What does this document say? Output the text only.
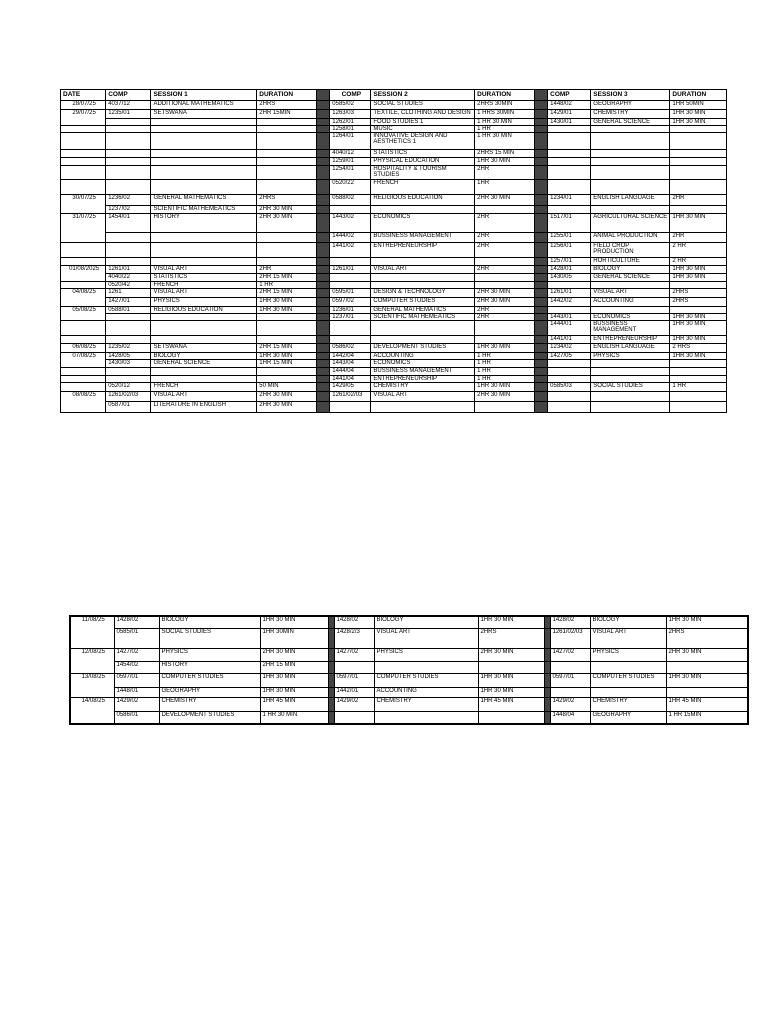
DATE	COMP	SESSION 1	DURATION		COMP	SESSION 2	DURATION		COMP	SESSION 3	DURATION
28/07/25	4037/12	ADDITIONAL MATHEMATICS	2HRS		0585/02	SOCIAL STUDIES	2HRS 30MIN		1448/02	GEOGRAPHY	1HR 50MIN
29/07/25	1235/01	SETSWANA	2HR 15MIN		1263/03	TEXTILE, CLOTHING AND DESIGN	1 HRS 30MIN		1429/01	CHEMISTRY	1HR 30 MIN
					1262/01	FOOD STUDIES 1	1 HR 30 MIN		1430/01	GENERAL SCIENCE	1HR 30 MIN
					1258/01	MUSIC	1 HR				
					1264/01	INNOVATIVE DESIGN AND AESTHETICS 1	1 HR 30 MIN				
					4040/12	STATISTICS	2HRS 15 MIN				
					1259/01	PHYSICAL EDUCATION	1HR 30 MIN				
					1254/01	HOSPITALITY & TOURISM STUDIES	2HR				
					0520/22	FRENCH	1HR				
30/07/25	1236/02	GENERAL MATHEMATICS	2HRS		0588/02	RELIGIOUS EDUCATION	2HR 30 MIN		1234/01	ENGLISH LANGUAGE	2HR
	1237/02	SCIENTIFIC MATHEMEATICS	2HR 30 MIN								
31/07/25	1454/01	HISTORY	2HR 30 MIN		1443/02	ECONOMICS	2HR		1517/01	AGRICULTURAL SCIENCE	1HR 30 MIN
					1444/02	BUSSINESS MANAGEMENT	2HR		1255/01	ANIMAL PRODUCTION	2HR
					1441/02	ENTREPRENEURSHIP	2HR		1256/01	FIELD CROP PRODUCTION	2 HR
									1257/01	HORTICULTURE	2 HR
01/08/2025	1261/01	VISUAL ART	2HR		1261/01	VISUAL ART	2HR		1428/01	BIOLOGY	1HR 30 MIN
	4040/22	STATISTICS	2HR 15 MIN						1430/05	GENERAL SCIENCE	1HR 30 MIN
	0520/42	FRENCH	1 HR								
04/08/25	1261	VISUAL ART	2HR 15 MIN		0595/01	DESIGN & TECHNOLOGY	2HR 30 MIN		1261/01	VISUAL ART	2HRS
	1427/01	PHYSICS	1HR 30 MIN		0597/02	COMPUTER STUDIES	2HR 30 MIN		1442/02	ACCOUNTING	2HRS
05/08/25	0588/01	RELIGIOUS EDUCATION	1HR 30 MIN		1236/01	GENERAL MATHEMATICS	2HR				
					1237/01	SCIENTIFIC MATHEMEATICS	2HR		1443/01	ECONOMICS	1HR 30 MIN
									1444/01	BUSSINESS MANAGEMENT	1HR 30 MIN
									1441/01	ENTREPRENEURSHIP	1HR 30 MIN
06/08/25	1235/02	SETSWANA	2HR 15 MIN		0586/02	DEVELOPMENT STUDIES	1HR 30 MIN		1234/02	ENGLISH LANGUAGE	2 HRS
07/08/25	1428/05	BIOLOGY	1HR 30 MIN		1442/04	ACCOUNTING	1 HR		1427/05	PHYSICS	1HR 30 MIN
	1430/03	GENERAL SCIENCE	1HR 15 MIN		1443/04	ECONOMICS	1 HR				
					1444/04	BUSSINESS MANAGEMENT	1 HR				
					1441/04	ENTREPRENEURSHIP	1 HR				
	0520/12	FRENCH	50 MIN		1429/05	CHEMISTRY	1HR 30 MIN		0585/03	SOCIAL STUDIES	1 HR
08/08/25	1261/02/03	VISUAL ART	2HR 30 MIN		1261/02/03	VISUAL ART	2HR 30 MIN				
	0587/01	LITERATURE IN ENGLISH	2HR 30 MIN								
11/08/25	1428/02	BIOLOGY	1HR 30 MIN		1428/02	BIOLOGY	1HR 30 MIN		1428/02	BIOLOGY	1HR 30 MIN
	0585/01	SOCIAL STUDIES	1HR 30MIN		1428/2/3	VISUAL ART	2HRS		1261/02/03	VISUAL ART	2HRS
12/08/25	1427/02	PHYSICS	2HR 30 MIN		1427/02	PHYSICS	2HR 30 MIN		1427/02	PHYSICS	2HR 30 MIN
	1454/02	HISTORY	2HR 15 MIN								
13/08/25	0597/01	COMPUTER STUDIES	1HR 30 MIN		0597/01	COMPUTER STUDIES	1HR 30 MIN		0597/01	COMPUTER STUDIES	1HR 30 MIN
	1448/01	GEOGRAPHY	1HR 30 MIN		1442/01	ACCOUNTING	1HR 30 MIN				
14/08/25	1429/02	CHEMISTRY	1HR 45 MIN		1429/02	CHEMISTRY	1HR 45 MIN		1429/02	CHEMISTRY	1HR 45 MIN
	0586/01	DEVELOPMENT STUDIES	1 HR 30 MIN						1448/04	GEOGRAPHY	1 HR 15MIN
